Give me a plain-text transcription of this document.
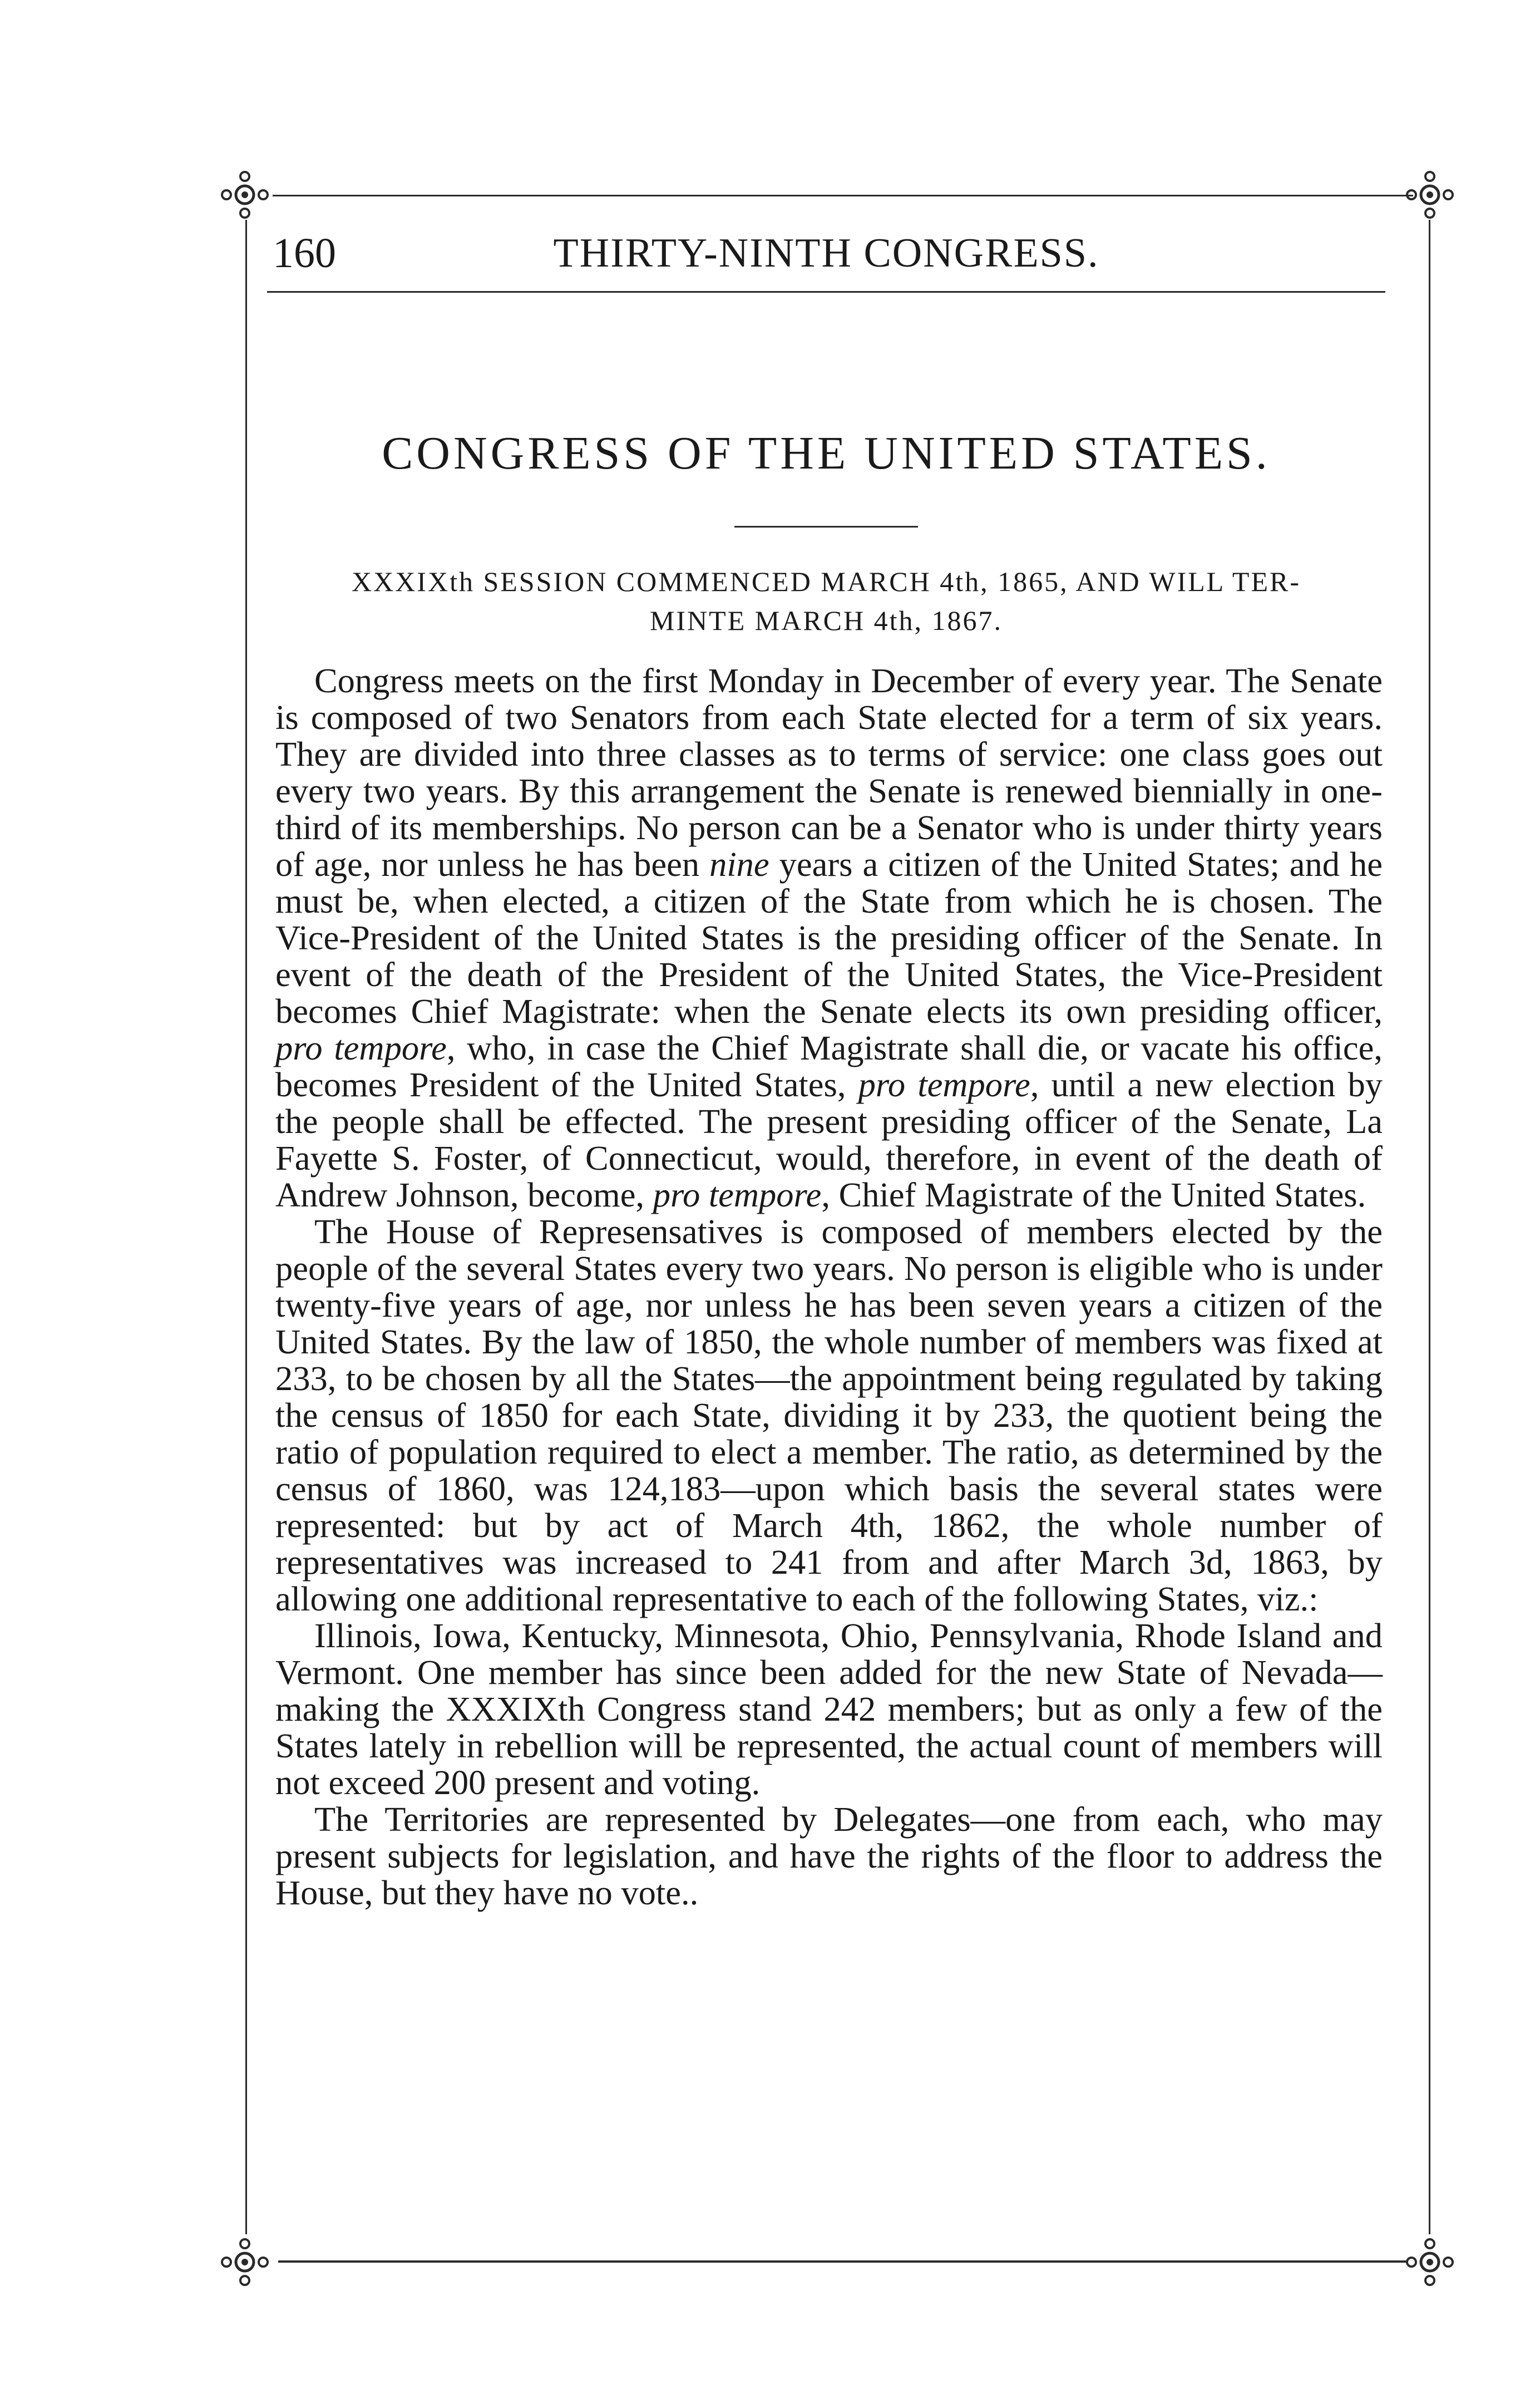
160	THIRTY-NINTH CONGRESS.
CONGRESS OF THE UNITED STATES.
XXXIXth SESSION COMMENCED MARCH 4th, 1865, AND WILL TER-
MINTE MARCH 4th, 1867.

Congress meets on the first Monday in December of every year. The Senate is composed of two Senators from each State elected for a term of six years. They are divided into three classes as to terms of service: one class goes out every two years. By this arrangement the Senate is renewed biennially in one-third of its memberships. No person can be a Senator who is under thirty years of age, nor unless he has been nine years a citizen of the United States; and he must be, when elected, a citizen of the State from which he is chosen. The Vice-President of the United States is the presiding officer of the Senate. In event of the death of the President of the United States, the Vice-President becomes Chief Magistrate: when the Senate elects its own presiding officer, pro tempore, who, in case the Chief Magistrate shall die, or vacate his office, becomes President of the United States, pro tempore, until a new election by the people shall be effected. The present presiding officer of the Senate, La Fayette S. Foster, of Connecticut, would, therefore, in event of the death of Andrew Johnson, become, pro tempore, Chief Magistrate of the United States.

The House of Represensatives is composed of members elected by the people of the several States every two years. No person is eligible who is under twenty-five years of age, nor unless he has been seven years a citizen of the United States. By the law of 1850, the whole number of members was fixed at 233, to be chosen by all the States—the appointment being regulated by taking the census of 1850 for each State, dividing it by 233, the quotient being the ratio of population required to elect a member. The ratio, as determined by the census of 1860, was 124,183—upon which basis the several states were represented: but by act of March 4th, 1862, the whole number of representatives was increased to 241 from and after March 3d, 1863, by allowing one additional representative to each of the following States, viz.:

Illinois, Iowa, Kentucky, Minnesota, Ohio, Pennsylvania, Rhode Island and Vermont. One member has since been added for the new State of Nevada—making the XXXIXth Congress stand 242 members; but as only a few of the States lately in rebellion will be represented, the actual count of members will not exceed 200 present and voting.

The Territories are represented by Delegates—one from each, who may present subjects for legislation, and have the rights of the floor to address the House, but they have no vote..
